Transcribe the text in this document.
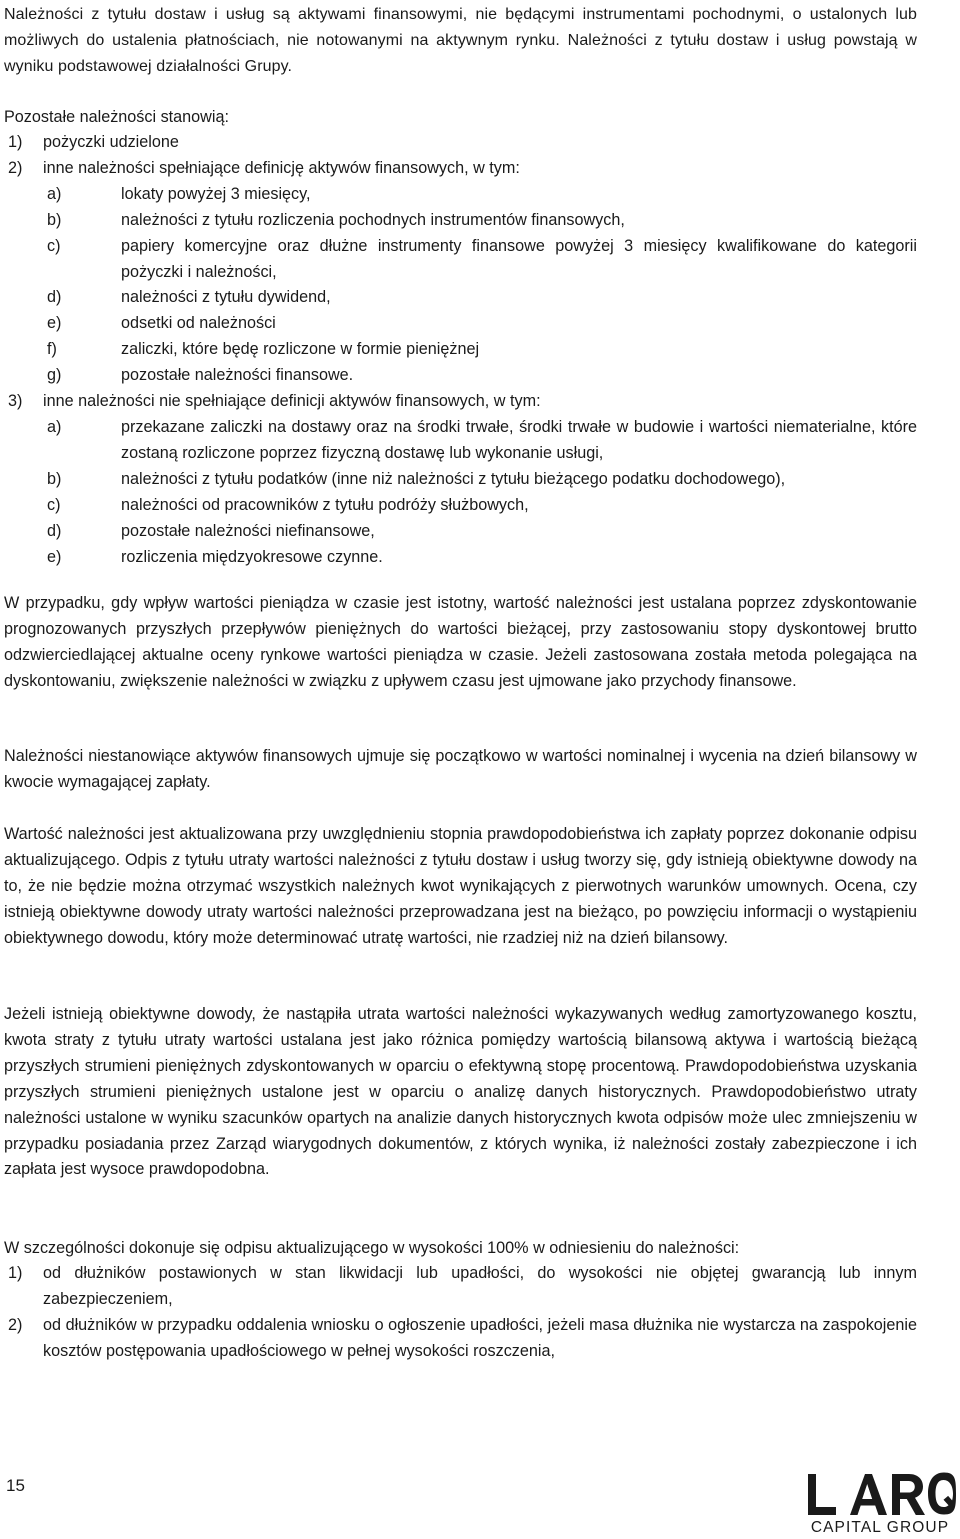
Należności z tytułu dostaw i usług są aktywami finansowymi, nie będącymi instrumentami pochodnymi, o ustalonych lub możliwych do ustalenia płatnościach, nie notowanymi na aktywnym rynku. Należności z tytułu dostaw i usług powstają w wyniku podstawowej działalności Grupy.

Pozostałe należności stanowią:
1) pożyczki udzielone
2) inne należności spełniające definicję aktywów finansowych, w tym:
a)	lokaty powyżej 3 miesięcy,
b)	należności z tytułu rozliczenia pochodnych instrumentów finansowych,
c)	papiery komercyjne oraz dłużne instrumenty finansowe powyżej 3 miesięcy kwalifikowane do kategorii pożyczki i należności,
d)	należności z tytułu dywidend,
e)	odsetki od należności
f)	zaliczki, które będę rozliczone w formie pieniężnej
g)	pozostałe należności finansowe.
3) inne należności nie spełniające definicji aktywów finansowych, w tym:
a)	przekazane zaliczki na dostawy oraz na środki trwałe, środki trwałe w budowie i wartości niematerialne, które zostaną rozliczone poprzez fizyczną dostawę lub wykonanie usługi,
b)	należności z tytułu podatków (inne niż należności z tytułu bieżącego podatku dochodowego),
c)	należności od pracowników z tytułu podróży służbowych,
d)	pozostałe należności niefinansowe,
e)	rozliczenia międzyokresowe czynne.

W przypadku, gdy wpływ wartości pieniądza w czasie jest istotny, wartość należności jest ustalana poprzez zdyskontowanie prognozowanych przyszłych przepływów pieniężnych do wartości bieżącej, przy zastosowaniu stopy dyskontowej brutto odzwierciedlającej aktualne oceny rynkowe wartości pieniądza w czasie. Jeżeli zastosowana została metoda polegająca na dyskontowaniu, zwiększenie należności w związku z upływem czasu jest ujmowane jako przychody finansowe.

Należności niestanowiące aktywów finansowych ujmuje się początkowo w wartości nominalnej i wycenia na dzień bilansowy w kwocie wymagającej zapłaty.

Wartość należności jest aktualizowana przy uwzględnieniu stopnia prawdopodobieństwa ich zapłaty poprzez dokonanie odpisu aktualizującego. Odpis z tytułu utraty wartości należności z tytułu dostaw i usług tworzy się, gdy istnieją obiektywne dowody na to, że nie będzie można otrzymać wszystkich należnych kwot wynikających z pierwotnych warunków umownych. Ocena, czy istnieją obiektywne dowody utraty wartości należności przeprowadzana jest na bieżąco, po powzięciu informacji o wystąpieniu obiektywnego dowodu, który może determinować utratę wartości, nie rzadziej niż na dzień bilansowy.

Jeżeli istnieją obiektywne dowody, że nastąpiła utrata wartości należności wykazywanych według zamortyzowanego kosztu, kwota straty z tytułu utraty wartości ustalana jest jako różnica pomiędzy wartością bilansową aktywa i wartością bieżącą przyszłych strumieni pieniężnych zdyskontowanych w oparciu o efektywną stopę procentową. Prawdopodobieństwa uzyskania przyszłych strumieni pieniężnych ustalone jest w oparciu o analizę danych historycznych. Prawdopodobieństwo utraty należności ustalone w wyniku szacunków opartych na analizie danych historycznych kwota odpisów może ulec zmniejszeniu w przypadku posiadania przez Zarząd wiarygodnych dokumentów, z których wynika, iż należności zostały zabezpieczone i ich zapłata jest wysoce prawdopodobna.

W szczególności dokonuje się odpisu aktualizującego w wysokości 100% w odniesieniu do należności:
1) od dłużników postawionych w stan likwidacji lub upadłości, do wysokości nie objętej gwarancją lub innym zabezpieczeniem,
2) od dłużników w przypadku oddalenia wniosku o ogłoszenie upadłości, jeżeli masa dłużnika nie wystarcza na zaspokojenie kosztów postępowania upadłościowego w pełnej wysokości roszczenia,
15
CAPITAL GROUP
